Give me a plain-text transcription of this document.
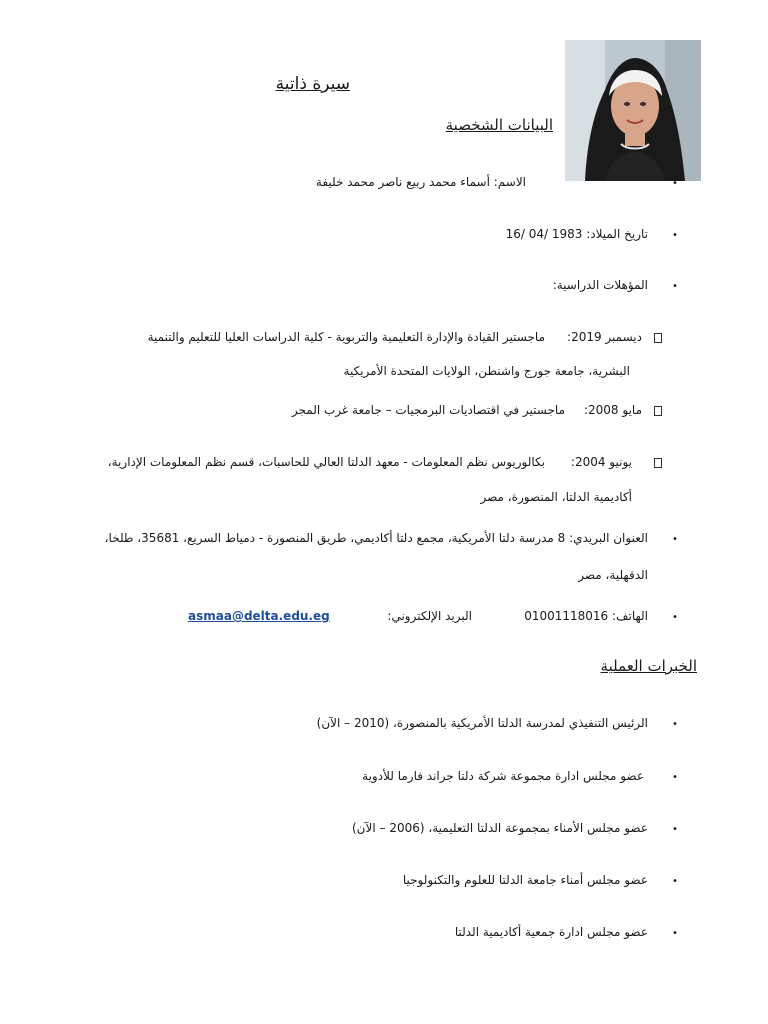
سيرة ذاتية
البيانات الشخصية
الاسم: أسماء محمد ربيع ناصر محمد خليفة	•
تاريخ الميلاد: 16/ 04/ 1983	•
المؤهلات الدراسية: •
ديسمبر 2019:
ماجستير القيادة والإدارة التعليمية والتربوية - كلية الدراسات العليا للتعليم والتنمية
البشرية، جامعة جورج واشنطن، الولايات المتحدة الأمريكية
مايو 2008:
ماجستير في اقتصاديات البرمجيات – جامعة غرب المجر
يونيو 2004:
بكالوريوس نظم المعلومات - معهد الدلتا العالي للحاسبات، قسم نظم المعلومات الإدارية،
أكاديمية الدلتا، المنصورة، مصر
العنوان البريدي: 8 مدرسة دلتا الأمريكية، مجمع دلتا أكاديمي، طريق المنصورة - دمياط السريع، 35681، طلخا،
الدقهلية، مصر
•
الهاتف: 01001118016
البريد الإلكتروني:
asmaa@delta.edu.eg	•
الخبرات العملية
الرئيس التنفيذي لمدرسة الدلتا الأمريكية بالمنصورة، (2010 – الآن) •
عضو مجلس ادارة مجموعة شركة دلتا جراند فارما للأدوية	•
عضو مجلس الأمناء بمجموعة الدلتا التعليمية، (2006 – الآن) •
عضو مجلس أمناء جامعة الدلتا للعلوم والتكنولوجيا •
عضو مجلس ادارة جمعية أكاديمية الدلتا •
